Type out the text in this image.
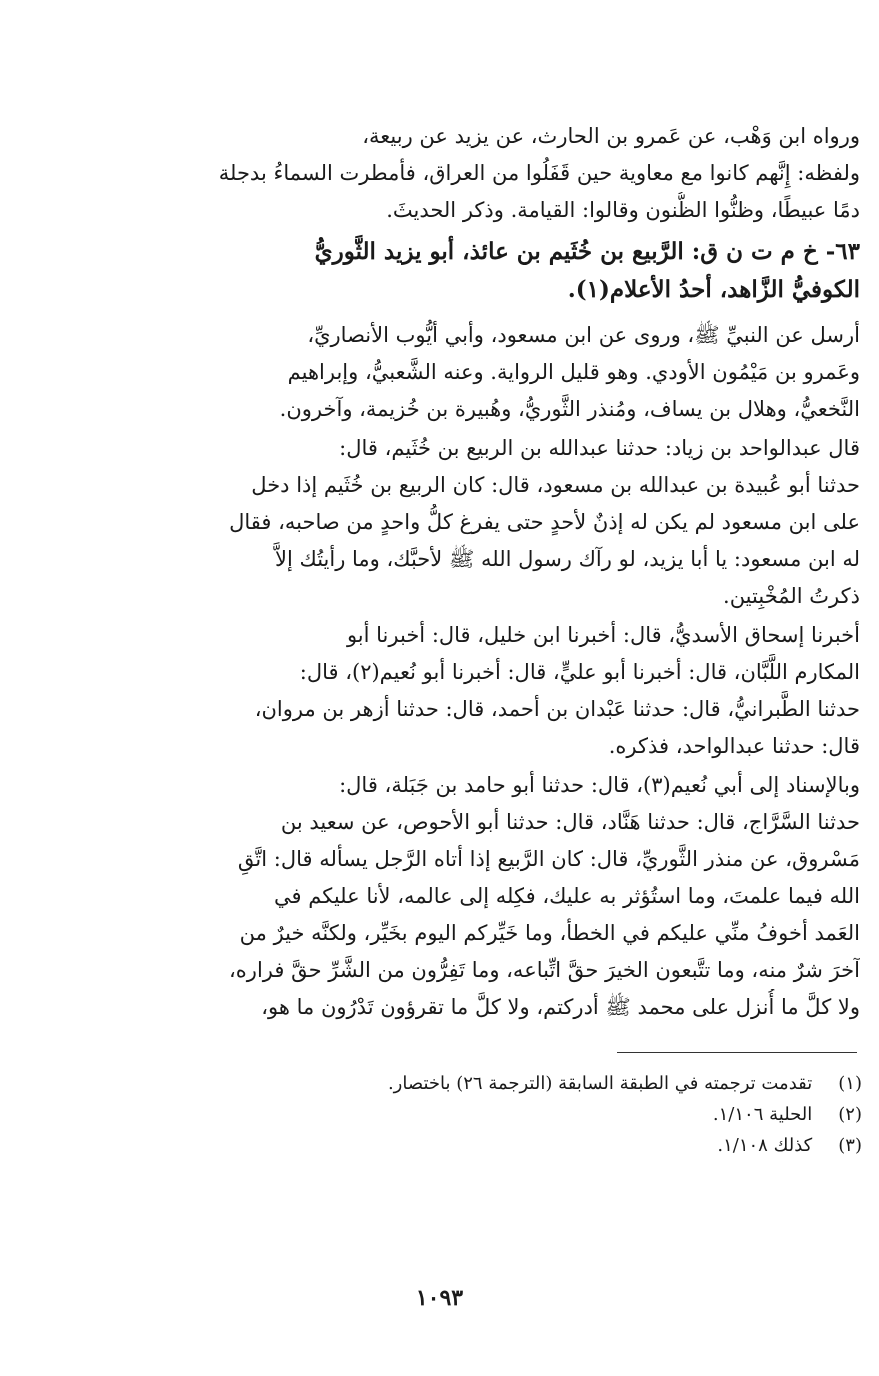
ورواه ابن وَهْب، عن عَمرو بن الحارث، عن يزيد عن ربيعة،
ولفظه: إِنَّهم كانوا مع معاوية حين قَفَلُوا من العراق، فأمطرت السماءُ بدجلة
دمًا عبيطًا، وظنُّوا الظُّنون وقالوا: القيامة. وذكر الحديثَ.
٦٣- خ م ت ن ق: الرَّبيع بن خُثَيم بن عائذ، أبو يزيد الثَّوريُّ
الكوفيُّ الزَّاهد، أحدُ الأعلام(١).
أرسل عن النبيِّ ﷺ، وروى عن ابن مسعود، وأبي أيُّوب الأنصاريِّ،
وعَمرو بن مَيْمُون الأودي. وهو قليل الرواية. وعنه الشَّعبيُّ، وإبراهيم
النَّخعيُّ، وهلال بن يساف، ومُنذر الثَّوريُّ، وهُبيرة بن خُزيمة، وآخرون.
قال عبدالواحد بن زياد: حدثنا عبدالله بن الربيع بن خُثَيم، قال:
حدثنا أبو عُبيدة بن عبدالله بن مسعود، قال: كان الربيع بن خُثَيم إذا دخل
على ابن مسعود لم يكن له إذنٌ لأحدٍ حتى يفرغ كلُّ واحدٍ من صاحبه، فقال
له ابن مسعود: يا أبا يزيد، لو رآك رسول الله ﷺ لأحبَّك، وما رأيتُك إلاَّ
ذكرتُ المُخْبِتين.
أخبرنا إسحاق الأسديُّ، قال: أخبرنا ابن خليل، قال: أخبرنا أبو
المكارم اللَّبَّان، قال: أخبرنا أبو عليٍّ، قال: أخبرنا أبو نُعيم(٢)، قال:
حدثنا الطَّبرانيُّ، قال: حدثنا عَبْدان بن أحمد، قال: حدثنا أزهر بن مروان،
قال: حدثنا عبدالواحد، فذكره.
وبالإسناد إلى أبي نُعيم(٣)، قال: حدثنا أبو حامد بن جَبَلة، قال:
حدثنا السَّرَّاج، قال: حدثنا هَنَّاد، قال: حدثنا أبو الأحوص، عن سعيد بن
مَسْروق، عن منذر الثَّوريِّ، قال: كان الرَّبيع إذا أتاه الرَّجل يسأله قال: اتَّقِ
الله فيما علمتَ، وما استُؤثر به عليك، فكِله إلى عالمه، لأنا عليكم في
العَمد أخوفُ منِّي عليكم في الخطأ، وما خَيِّركم اليوم بخَيِّر، ولكنَّه خيرٌ من
آخرَ شرٌ منه، وما تتَّبعون الخيرَ حقَّ اتِّباعه، وما تَفِرُّون من الشَّرِّ حقَّ فراره،
ولا كلَّ ما أُنزل على محمد ﷺ أدركتم، ولا كلَّ ما تقرؤون تَدْرُون ما هو،
(١) تقدمت ترجمته في الطبقة السابقة (الترجمة ٢٦) باختصار.
(٢) الحلية ١/١٠٦.
(٣) كذلك ١/١٠٨.
١٠٩٣
